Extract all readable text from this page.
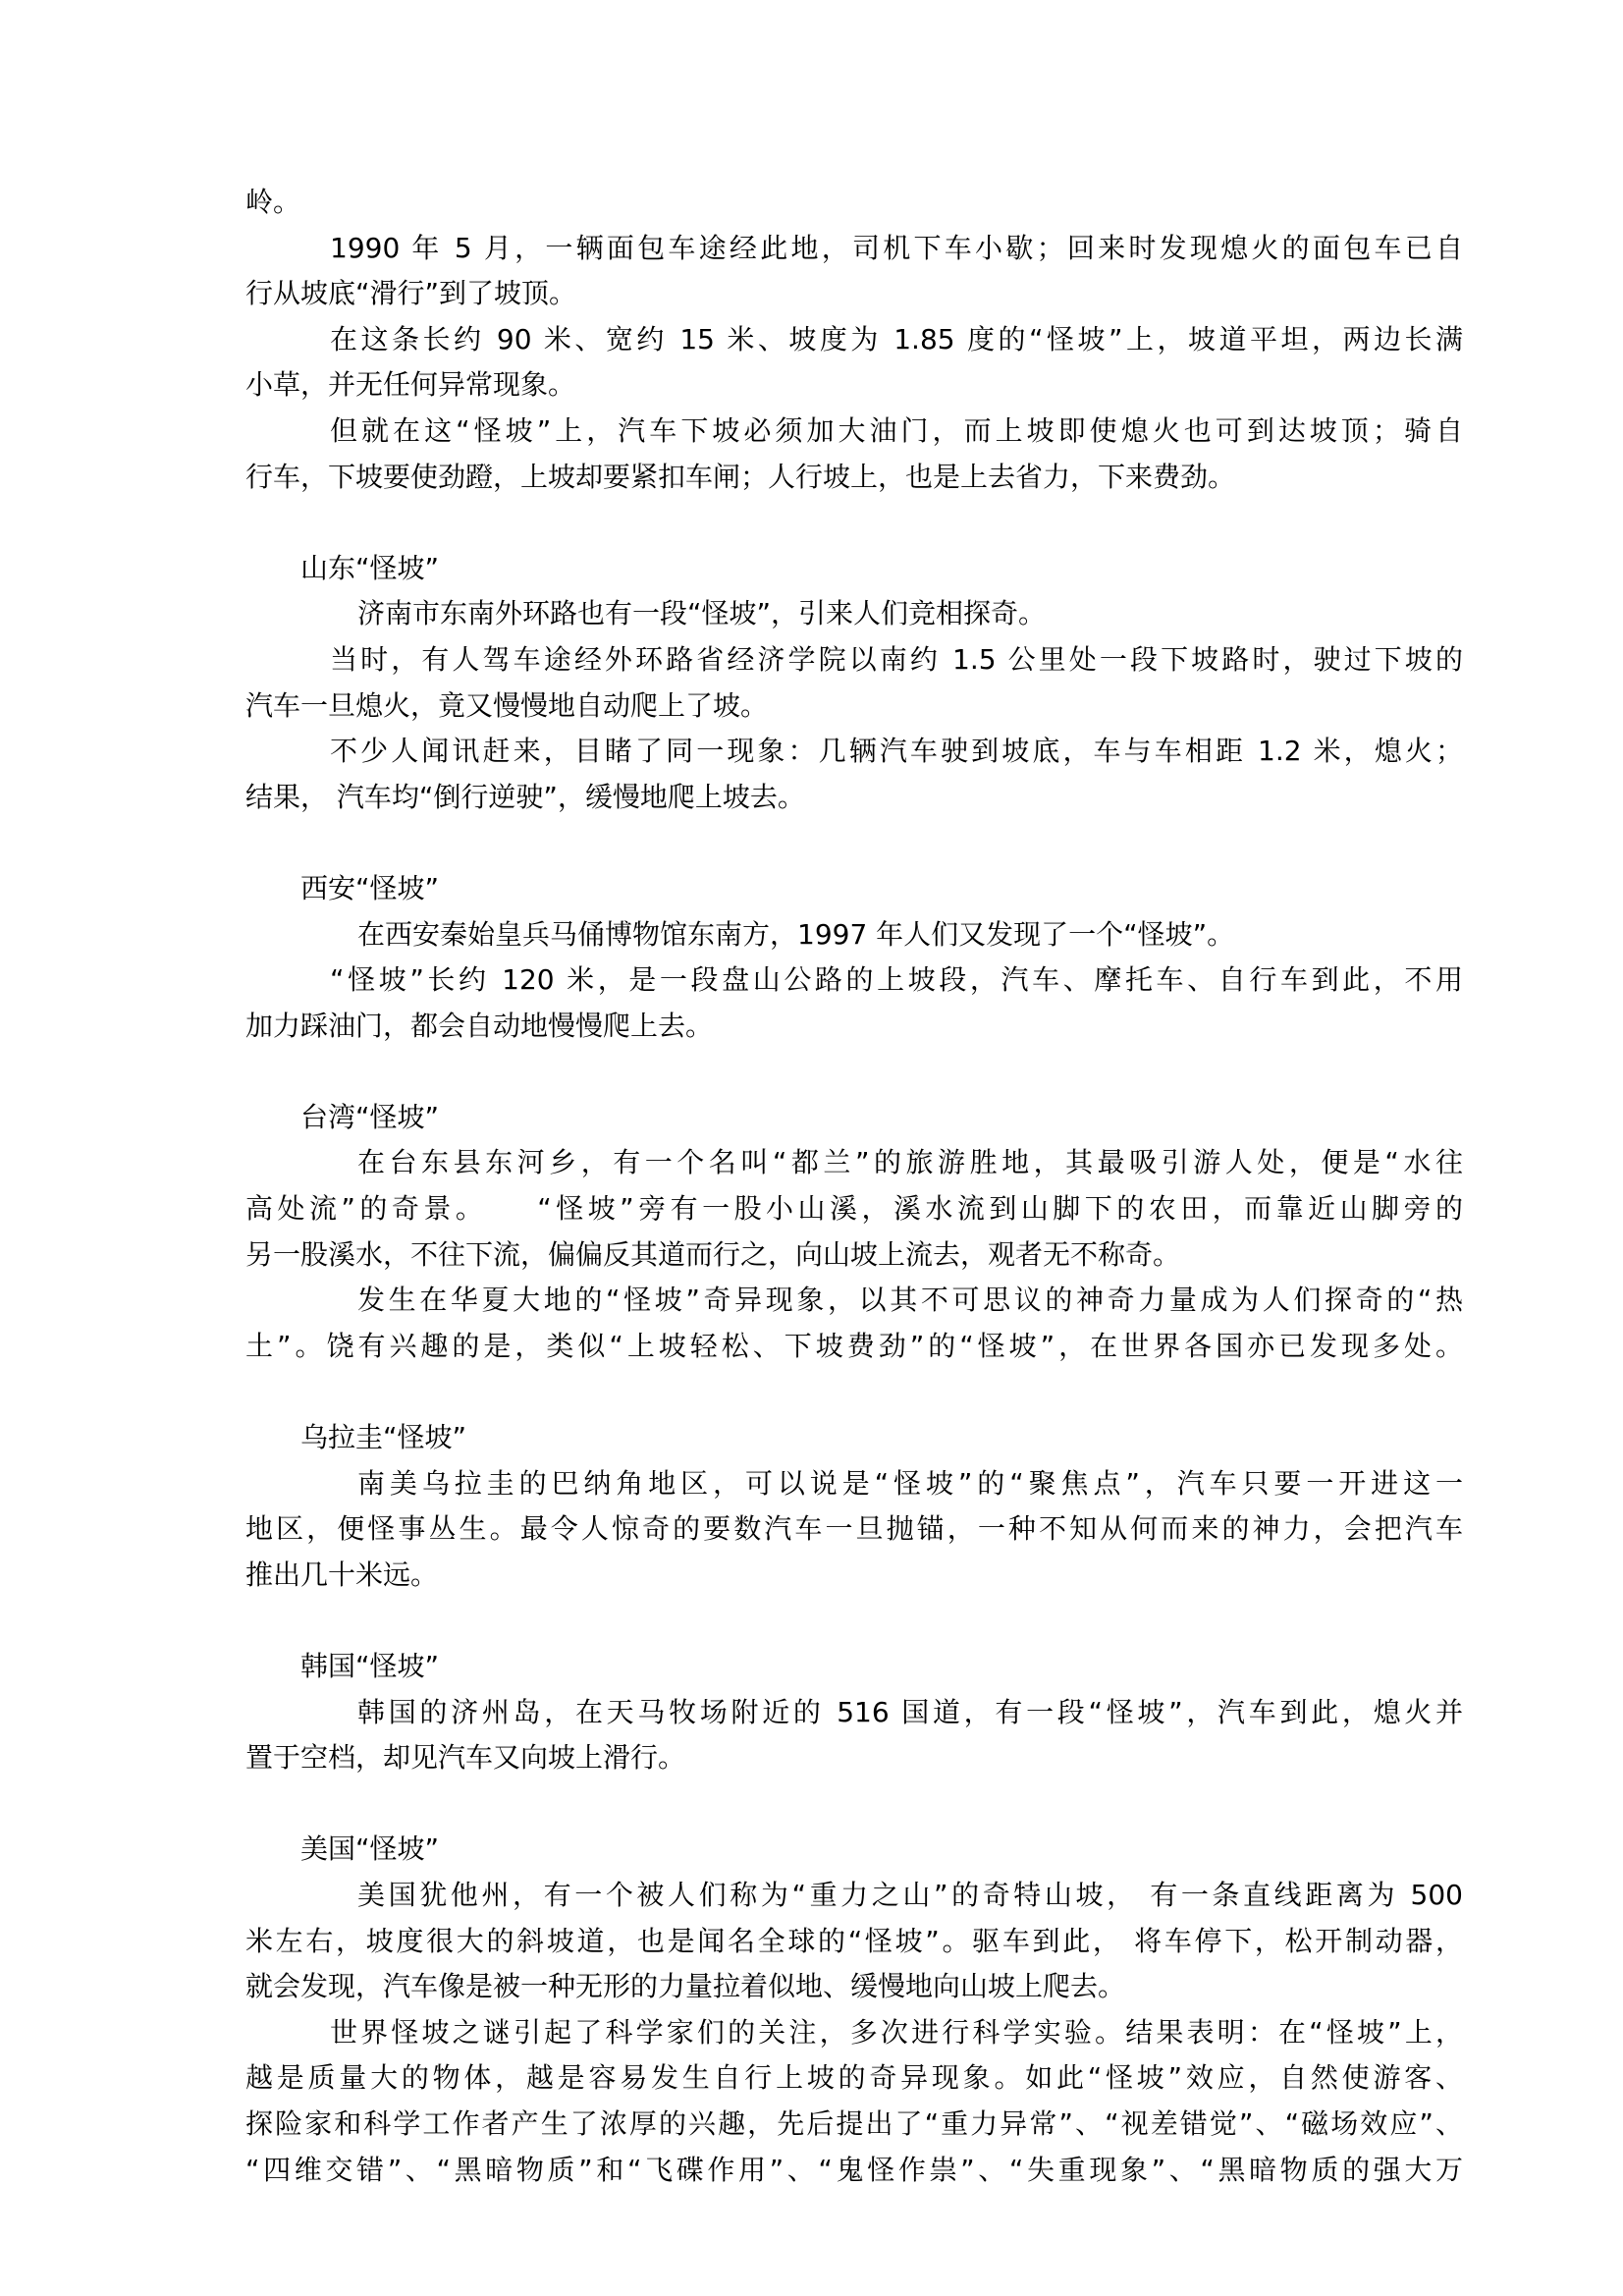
岭。
1990 年 5 月，一辆面包车途经此地，司机下车小歇；回来时发现熄火的面包车已自
行从坡底“滑行”到了坡顶。
在这条长约 90 米、宽约 15 米、坡度为 1.85 度的“怪坡”上，坡道平坦，两边长满
小草，并无任何异常现象。
但就在这“怪坡”上，汽车下坡必须加大油门，而上坡即使熄火也可到达坡顶；骑自
行车，下坡要使劲蹬，上坡却要紧扣车闸；人行坡上，也是上去省力，下来费劲。
山东“怪坡”
济南市东南外环路也有一段“怪坡”，引来人们竞相探奇。
当时，有人驾车途经外环路省经济学院以南约 1.5 公里处一段下坡路时，驶过下坡的
汽车一旦熄火，竟又慢慢地自动爬上了坡。
不少人闻讯赶来，目睹了同一现象：几辆汽车驶到坡底，车与车相距 1.2 米，熄火；
结果， 汽车均“倒行逆驶”，缓慢地爬上坡去。
西安“怪坡”
在西安秦始皇兵马俑博物馆东南方，1997 年人们又发现了一个“怪坡”。
“怪坡”长约 120 米，是一段盘山公路的上坡段，汽车、摩托车、自行车到此，不用
加力踩油门，都会自动地慢慢爬上去。
台湾“怪坡”
在台东县东河乡，有一个名叫“都兰”的旅游胜地，其最吸引游人处，便是“水往
高处流”的奇景。　　“怪坡”旁有一股小山溪，溪水流到山脚下的农田，而靠近山脚旁的
另一股溪水，不往下流，偏偏反其道而行之，向山坡上流去，观者无不称奇。
发生在华夏大地的“怪坡”奇异现象，以其不可思议的神奇力量成为人们探奇的“热
土”。饶有兴趣的是，类似“上坡轻松、下坡费劲”的“怪坡”，在世界各国亦已发现多处。
乌拉圭“怪坡”
南美乌拉圭的巴纳角地区，可以说是“怪坡”的“聚焦点”，汽车只要一开进这一
地区，便怪事丛生。最令人惊奇的要数汽车一旦抛锚，一种不知从何而来的神力，会把汽车
推出几十米远。
韩国“怪坡”
韩国的济州岛，在天马牧场附近的 516 国道，有一段“怪坡”，汽车到此，熄火并
置于空档，却见汽车又向坡上滑行。
美国“怪坡”
美国犹他州，有一个被人们称为“重力之山”的奇特山坡， 有一条直线距离为 500
米左右，坡度很大的斜坡道，也是闻名全球的“怪坡”。驱车到此， 将车停下，松开制动器，
就会发现，汽车像是被一种无形的力量拉着似地、缓慢地向山坡上爬去。
世界怪坡之谜引起了科学家们的关注，多次进行科学实验。结果表明：在“怪坡”上，
越是质量大的物体，越是容易发生自行上坡的奇异现象。如此“怪坡”效应，自然使游客、
探险家和科学工作者产生了浓厚的兴趣，先后提出了“重力异常”、“视差错觉”、“磁场效应”、
“四维交错”、“黑暗物质”和“飞碟作用”、“鬼怪作祟”、“失重现象”、“黑暗物质的强大万
